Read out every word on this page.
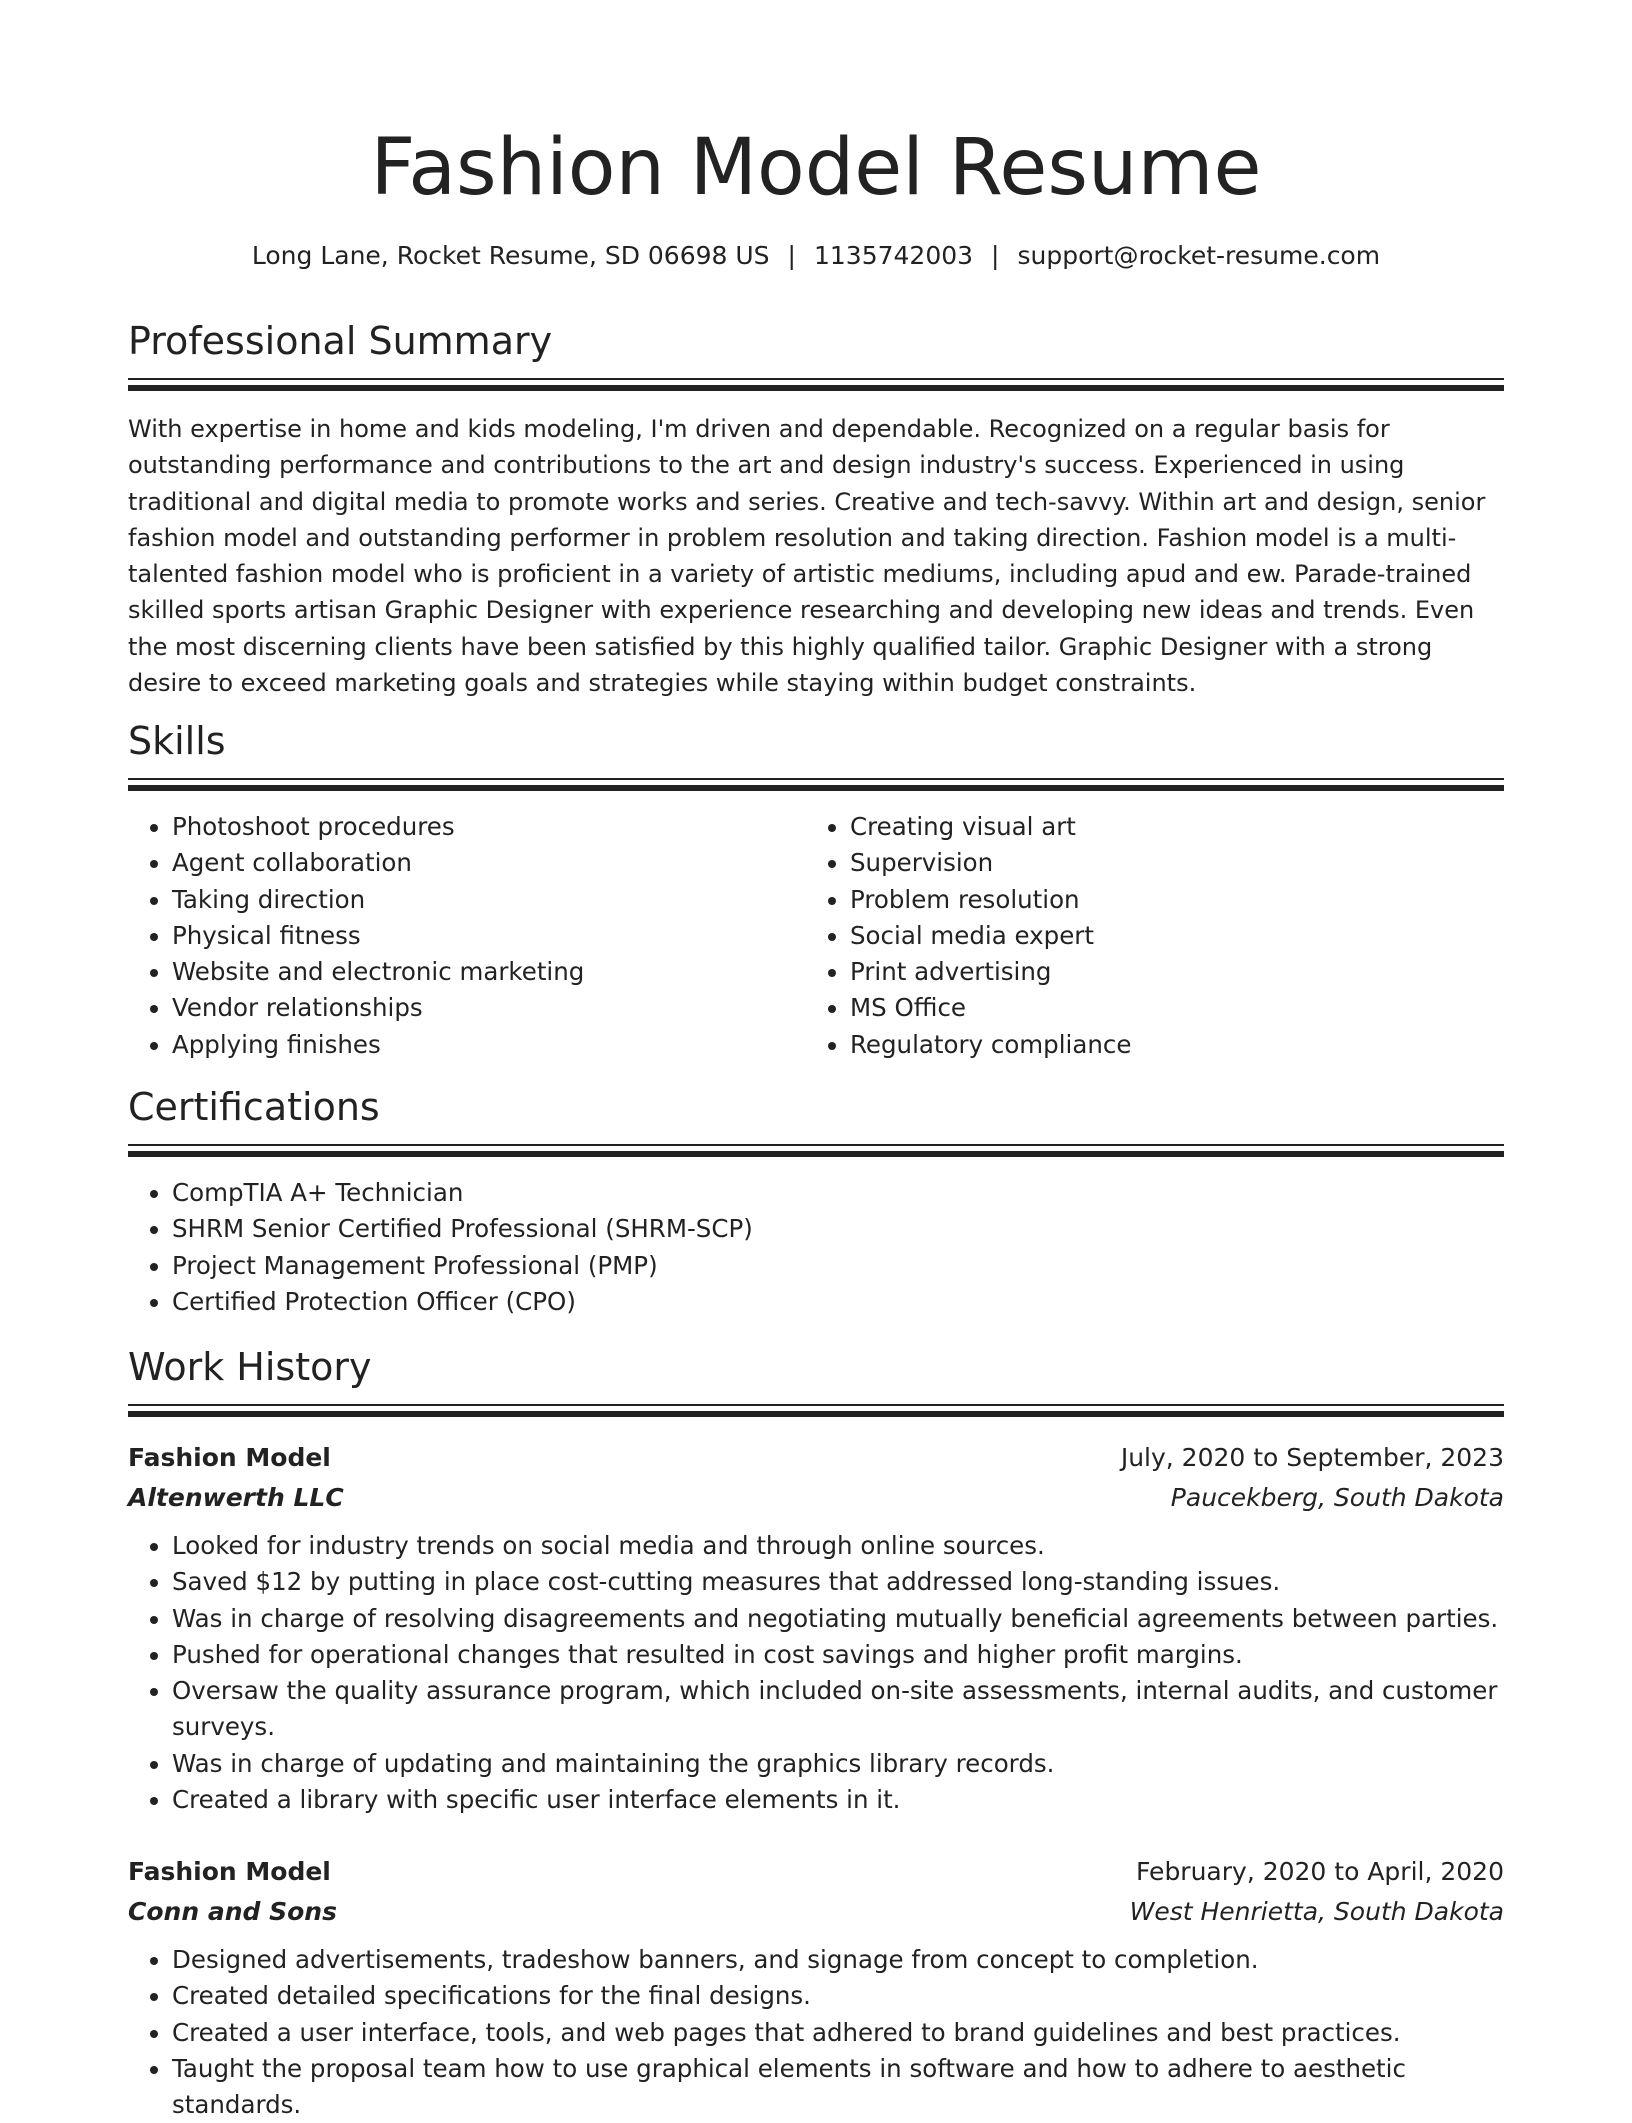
Fashion Model Resume
Long Lane, Rocket Resume, SD 06698 US | 1135742003 | support@rocket-resume.com
Professional Summary

With expertise in home and kids modeling, I'm driven and dependable. Recognized on a regular basis for outstanding performance and contributions to the art and design industry's success. Experienced in using traditional and digital media to promote works and series. Creative and tech-savvy. Within art and design, senior fashion model and outstanding performer in problem resolution and taking direction. Fashion model is a multi-talented fashion model who is proficient in a variety of artistic mediums, including apud and ew. Parade-trained skilled sports artisan Graphic Designer with experience researching and developing new ideas and trends. Even the most discerning clients have been satisfied by this highly qualified tailor. Graphic Designer with a strong desire to exceed marketing goals and strategies while staying within budget constraints.

Skills
• Photoshoot procedures
• Agent collaboration
• Taking direction
• Physical fitness
• Website and electronic marketing
• Vendor relationships
• Applying finishes
• Creating visual art
• Supervision
• Problem resolution
• Social media expert
• Print advertising
• MS Office
• Regulatory compliance
Certifications
• CompTIA A+ Technician
• SHRM Senior Certified Professional (SHRM-SCP)
• Project Management Professional (PMP)
• Certified Protection Officer (CPO)
Work History
Fashion Model	July, 2020 to September, 2023
Altenwerth LLC	Paucekberg, South Dakota
• Looked for industry trends on social media and through online sources.
• Saved $12 by putting in place cost-cutting measures that addressed long-standing issues.
• Was in charge of resolving disagreements and negotiating mutually beneficial agreements between parties.
• Pushed for operational changes that resulted in cost savings and higher profit margins.
• Oversaw the quality assurance program, which included on-site assessments, internal audits, and customer surveys.
• Was in charge of updating and maintaining the graphics library records.
• Created a library with specific user interface elements in it.
Fashion Model	February, 2020 to April, 2020
Conn and Sons	West Henrietta, South Dakota
• Designed advertisements, tradeshow banners, and signage from concept to completion.
• Created detailed specifications for the final designs.
• Created a user interface, tools, and web pages that adhered to brand guidelines and best practices.
• Taught the proposal team how to use graphical elements in software and how to adhere to aesthetic standards.
